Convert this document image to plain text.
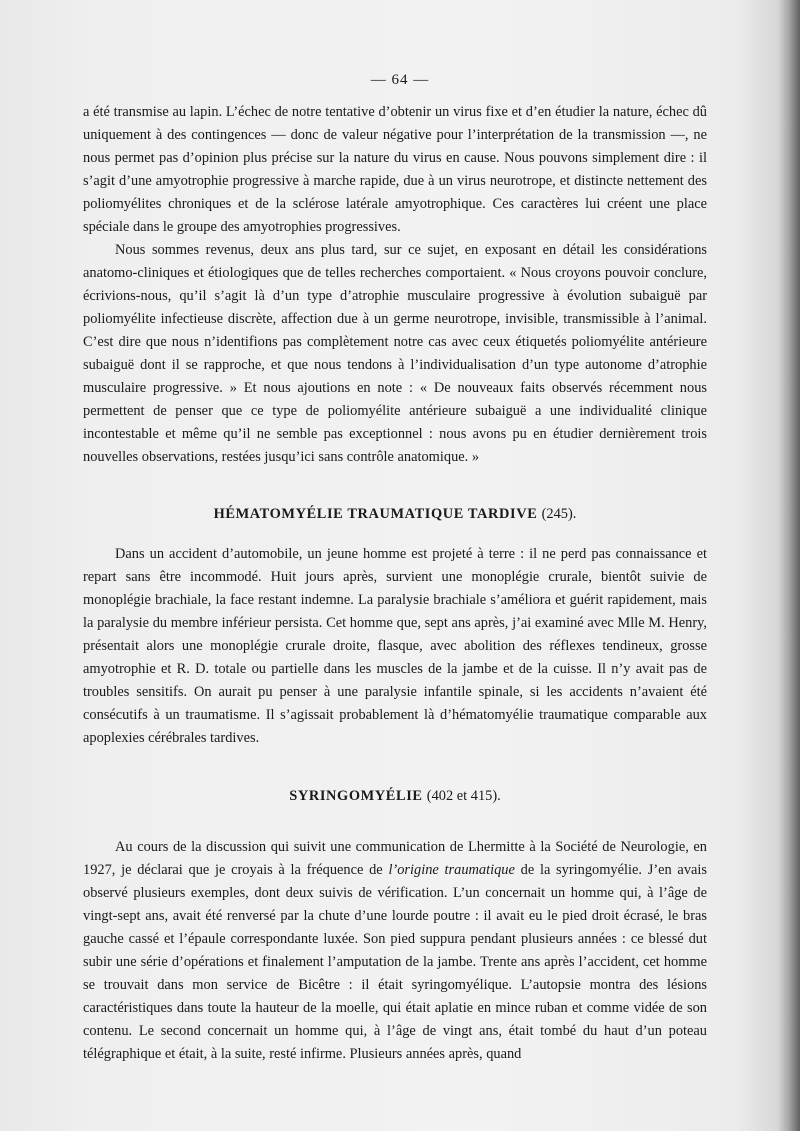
— 64 —

a été transmise au lapin. L’échec de notre tentative d’obtenir un virus fixe et d’en étudier la nature, échec dû uniquement à des contingences — donc de valeur négative pour l’interprétation de la transmission —, ne nous permet pas d’opinion plus précise sur la nature du virus en cause. Nous pouvons simplement dire : il s’agit d’une amyotrophie progressive à marche rapide, due à un virus neurotrope, et distincte nettement des poliomyélites chroniques et de la sclérose latérale amyotrophique. Ces caractères lui créent une place spéciale dans le groupe des amyotrophies progressives.

Nous sommes revenus, deux ans plus tard, sur ce sujet, en exposant en détail les considérations anatomo-cliniques et étiologiques que de telles recherches comportaient. « Nous croyons pouvoir conclure, écrivions-nous, qu’il s’agit là d’un type d’atrophie musculaire progressive à évolution subaiguë par poliomyélite infectieuse discrète, affection due à un germe neurotrope, invisible, transmissible à l’animal. C’est dire que nous n’identifions pas complètement notre cas avec ceux étiquetés poliomyélite antérieure subaiguë dont il se rapproche, et que nous tendons à l’individualisation d’un type autonome d’atrophie musculaire progressive. » Et nous ajoutions en note : « De nouveaux faits observés récemment nous permettent de penser que ce type de poliomyélite antérieure subaiguë a une individualité clinique incontestable et même qu’il ne semble pas exceptionnel : nous avons pu en étudier dernièrement trois nouvelles observations, restées jusqu’ici sans contrôle anatomique. »

HÉMATOMYÉLIE TRAUMATIQUE TARDIVE (245).

Dans un accident d’automobile, un jeune homme est projeté à terre : il ne perd pas connaissance et repart sans être incommodé. Huit jours après, survient une monoplégie crurale, bientôt suivie de monoplégie brachiale, la face restant indemne. La paralysie brachiale s’améliora et guérit rapidement, mais la paralysie du membre inférieur persista. Cet homme que, sept ans après, j’ai examiné avec Mlle M. Henry, présentait alors une monoplégie crurale droite, flasque, avec abolition des réflexes tendineux, grosse amyotrophie et R. D. totale ou partielle dans les muscles de la jambe et de la cuisse. Il n’y avait pas de troubles sensitifs. On aurait pu penser à une paralysie infantile spinale, si les accidents n’avaient été consécutifs à un traumatisme. Il s’agissait probablement là d’hématomyélie traumatique comparable aux apoplexies cérébrales tardives.

SYRINGOMYÉLIE (402 et 415).

Au cours de la discussion qui suivit une communication de Lhermitte à la Société de Neurologie, en 1927, je déclarai que je croyais à la fréquence de l’origine traumatique de la syringomyélie. J’en avais observé plusieurs exemples, dont deux suivis de vérification. L’un concernait un homme qui, à l’âge de vingt-sept ans, avait été renversé par la chute d’une lourde poutre : il avait eu le pied droit écrasé, le bras gauche cassé et l’épaule correspondante luxée. Son pied suppura pendant plusieurs années : ce blessé dut subir une série d’opérations et finalement l’amputation de la jambe. Trente ans après l’accident, cet homme se trouvait dans mon service de Bicêtre : il était syringomyélique. L’autopsie montra des lésions caractéristiques dans toute la hauteur de la moelle, qui était aplatie en mince ruban et comme vidée de son contenu. Le second concernait un homme qui, à l’âge de vingt ans, était tombé du haut d’un poteau télégraphique et était, à la suite, resté infirme. Plusieurs années après, quand
